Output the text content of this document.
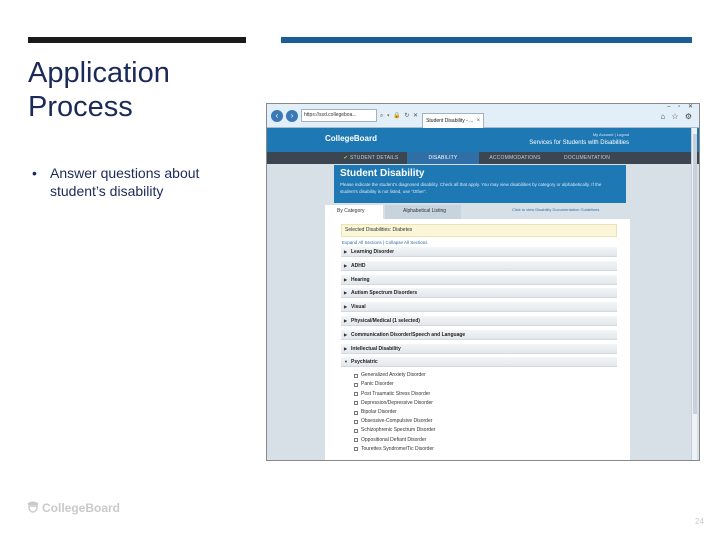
Application Process
• Answer questions about student’s disability
‹	›	https://ssd.collegeboa...	⌕ ▾ 🔒 ↻ ✕
Student Disability - ... ×
– ▫ ✕
⌂ ☆ ⚙
CollegeBoard	My Account | Logout
Services for Students with Disabilities
✔ STUDENT DETAILS	DISABILITY	ACCOMMODATIONS	DOCUMENTATION
Student Disability
Please indicate the student’s diagnosed disability. Check all that apply. You may view disabilities by category or alphabetically. If the student’s disability is not listed, use “Other”.
By Category	Alphabetical Listing	Click to view Disability Documentation Guidelines
Selected Disabilities: Diabetes
Expand All Sections | Collapse All Sections
▶ Learning Disorder
▶ ADHD
▶ Hearing
▶ Autism Spectrum Disorders
▶ Visual
▶ Physical/Medical (1 selected)
▶ Communication Disorder/Speech and Language
▶ Intellectual Disability
▼ Psychiatric
Generalized Anxiety Disorder
Panic Disorder
Post Traumatic Stress Disorder
Depression/Depressive Disorder
Bipolar Disorder
Obsessive-Compulsive Disorder
Schizophrenic Spectrum Disorder
Oppositional Defiant Disorder
Tourettes Syndrome/Tic Disorder
CollegeBoard
24
